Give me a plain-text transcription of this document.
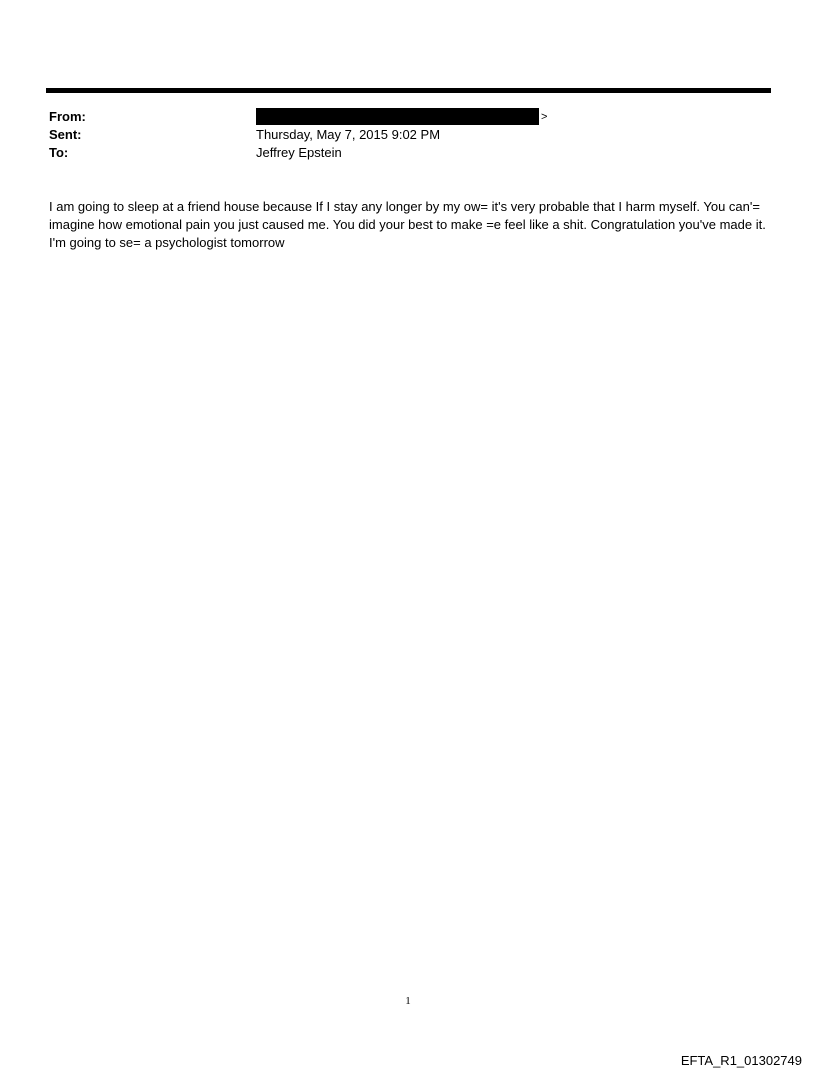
From:	>
Sent:	Thursday, May 7, 2015 9:02 PM
To:	Jeffrey Epstein

I am going to sleep at a friend house because If I stay any longer by my ow= it's very probable that I harm myself. You can'= imagine how emotional pain you just caused me. You did your best to make =e feel like a shit. Congratulation you've made it. I'm going to se= a psychologist tomorrow

1
EFTA_R1_01302749
